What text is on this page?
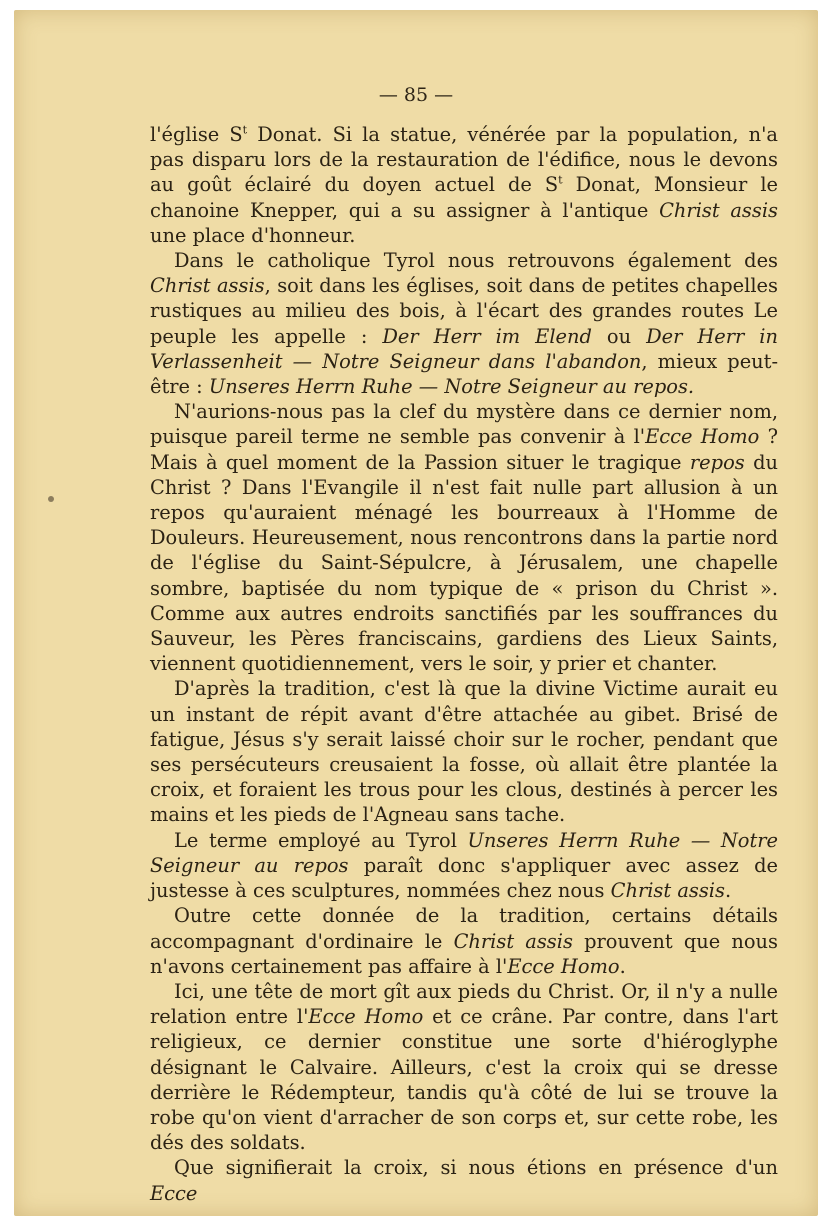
— 85 —

l'église $S^t$ Donat. Si la statue, vénérée par la population, n'a pas disparu lors de la restauration de l'édifice, nous le devons au goût éclairé du doyen actuel de $S^t$ Donat, Monsieur le chanoine Knepper, qui a su assigner à l'antique Christ assis une place d'honneur.

Dans le catholique Tyrol nous retrouvons également des Christ assis, soit dans les églises, soit dans de petites chapelles rustiques au milieu des bois, à l'écart des grandes routes Le peuple les appelle : Der Herr im Elend ou Der Herr in Verlassenheit — Notre Seigneur dans l'abandon, mieux peut-être : Unseres Herrn Ruhe — Notre Seigneur au repos.

N'aurions-nous pas la clef du mystère dans ce dernier nom, puisque pareil terme ne semble pas convenir à l'Ecce Homo ? Mais à quel moment de la Passion situer le tragique repos du Christ ? Dans l'Evangile il n'est fait nulle part allusion à un repos qu'auraient ménagé les bourreaux à l'Homme de Douleurs. Heureusement, nous rencontrons dans la partie nord de l'église du Saint-Sépulcre, à Jérusalem, une chapelle sombre, baptisée du nom typique de « prison du Christ ». Comme aux autres endroits sanctifiés par les souffrances du Sauveur, les Pères franciscains, gardiens des Lieux Saints, viennent quotidiennement, vers le soir, y prier et chanter.

D'après la tradition, c'est là que la divine Victime aurait eu un instant de répit avant d'être attachée au gibet. Brisé de fatigue, Jésus s'y serait laissé choir sur le rocher, pendant que ses persécuteurs creusaient la fosse, où allait être plantée la croix, et foraient les trous pour les clous, destinés à percer les mains et les pieds de l'Agneau sans tache.

Le terme employé au Tyrol Unseres Herrn Ruhe — Notre Seigneur au repos paraît donc s'appliquer avec assez de justesse à ces sculptures, nommées chez nous Christ assis.

Outre cette donnée de la tradition, certains détails accompagnant d'ordinaire le Christ assis prouvent que nous n'avons certainement pas affaire à l'Ecce Homo.

Ici, une tête de mort gît aux pieds du Christ. Or, il n'y a nulle relation entre l'Ecce Homo et ce crâne. Par contre, dans l'art religieux, ce dernier constitue une sorte d'hiéroglyphe désignant le Calvaire. Ailleurs, c'est la croix qui se dresse derrière le Rédempteur, tandis qu'à côté de lui se trouve la robe qu'on vient d'arracher de son corps et, sur cette robe, les dés des soldats.

Que signifierait la croix, si nous étions en présence d'un Ecce
